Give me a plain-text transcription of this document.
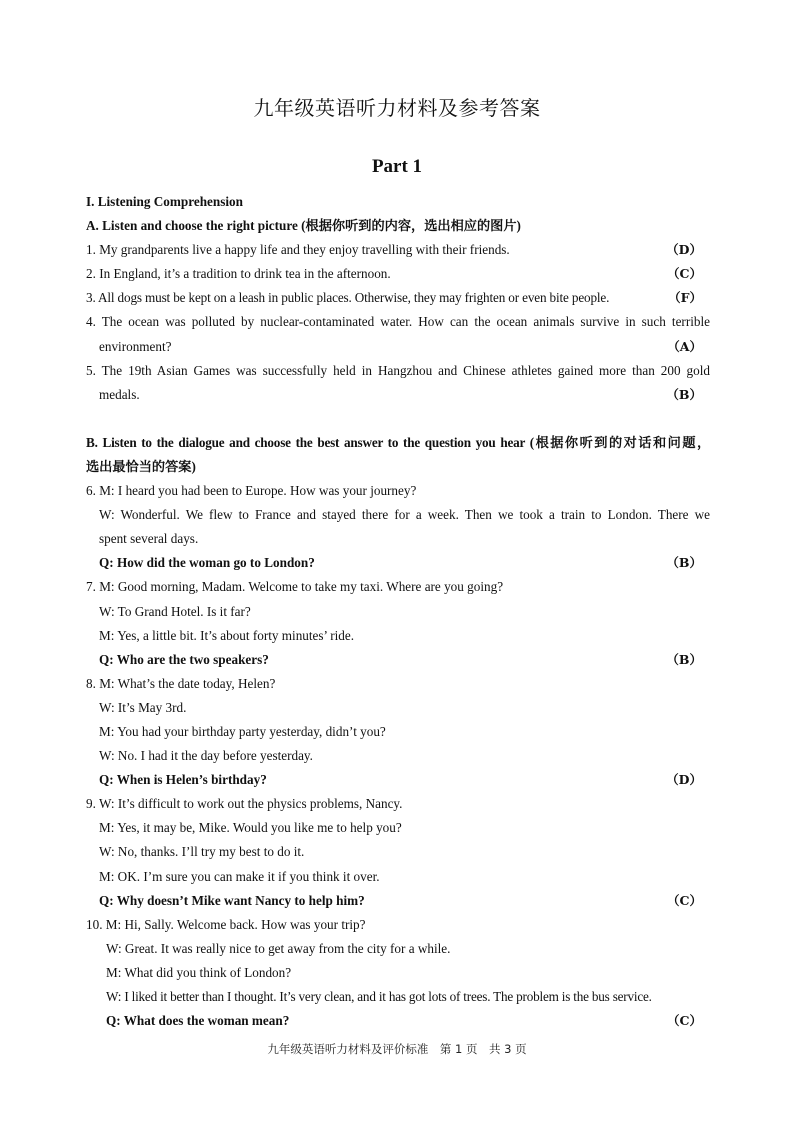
九年级英语听力材料及参考答案
Part 1
I. Listening Comprehension
A. Listen and choose the right picture (根据你听到的内容，选出相应的图片)
1. My grandparents live a happy life and they enjoy travelling with their friends.	（D）
2. In England, it’s a tradition to drink tea in the afternoon.	（C）
3. All dogs must be kept on a leash in public places. Otherwise, they may frighten or even bite people.	（F）
4. The ocean was polluted by nuclear-contaminated water. How can the ocean animals survive in such terrible
environment?	（A）
5. The 19th Asian Games was successfully held in Hangzhou and Chinese athletes gained more than 200 gold
medals.	（B）
B. Listen to the dialogue and choose the best answer to the question you hear (根据你听到的对话和问题，
选出最恰当的答案)
6. M: I heard you had been to Europe. How was your journey?
W: Wonderful. We flew to France and stayed there for a week. Then we took a train to London. There we
spent several days.
Q: How did the woman go to London?	（B）
7. M: Good morning, Madam. Welcome to take my taxi. Where are you going?
W: To Grand Hotel. Is it far?
M: Yes, a little bit. It’s about forty minutes’ ride.
Q: Who are the two speakers?	（B）
8. M: What’s the date today, Helen?
W: It’s May 3rd.
M: You had your birthday party yesterday, didn’t you?
W: No. I had it the day before yesterday.
Q: When is Helen’s birthday?	（D）
9. W: It’s difficult to work out the physics problems, Nancy.
M: Yes, it may be, Mike. Would you like me to help you?
W: No, thanks. I’ll try my best to do it.
M: OK. I’m sure you can make it if you think it over.
Q: Why doesn’t Mike want Nancy to help him?	（C）
10. M: Hi, Sally. Welcome back. How was your trip?
W: Great. It was really nice to get away from the city for a while.
M: What did you think of London?
W: I liked it better than I thought. It’s very clean, and it has got lots of trees. The problem is the bus service.
Q: What does the woman mean?	（C）
九年级英语听力材料及评价标准　第 1 页　共 3 页
